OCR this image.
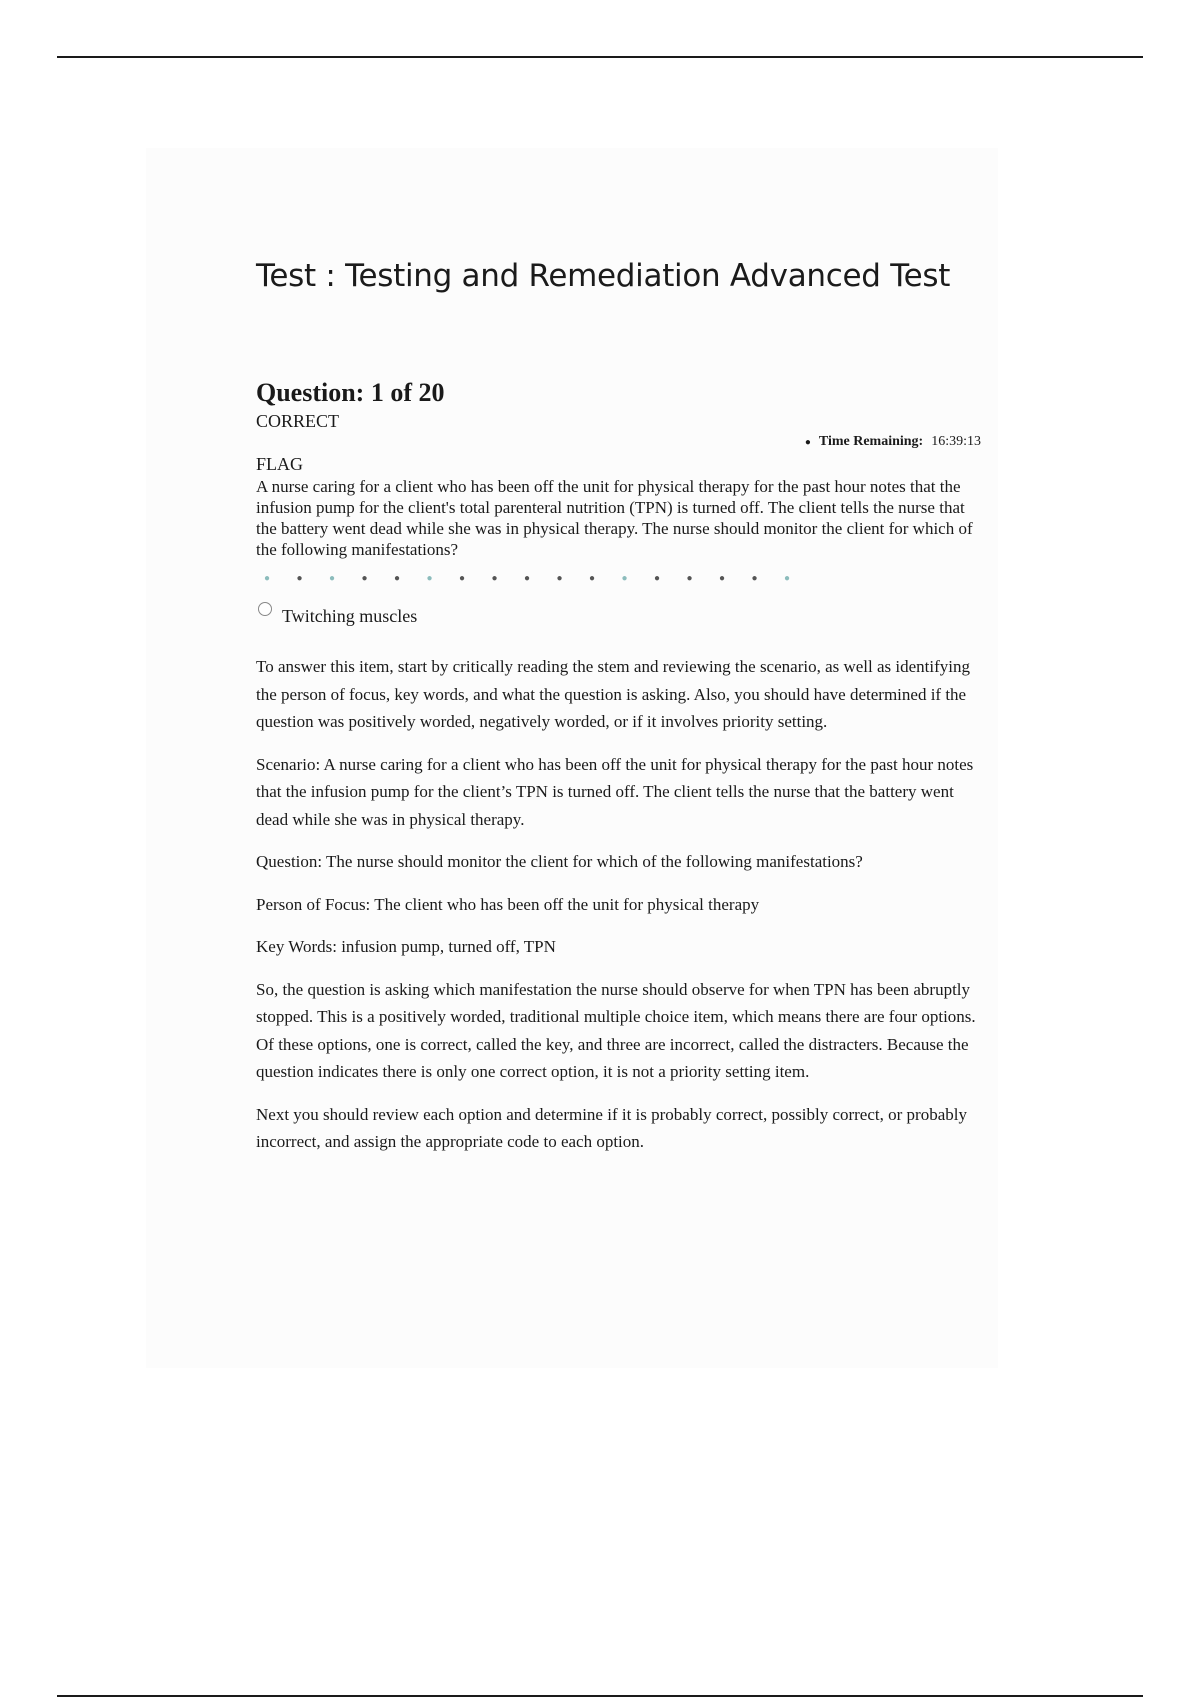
Test : Testing and Remediation Advanced Test
Question: 1 of 20
CORRECT
● Time Remaining: 16:39:13
FLAG

A nurse caring for a client who has been off the unit for physical therapy for the past hour notes that the infusion pump for the client's total parenteral nutrition (TPN) is turned off. The client tells the nurse that the battery went dead while she was in physical therapy. The nurse should monitor the client for which of the following manifestations?

●	●	●	●	●	●	●	●	●	●	●	●	●	●	●	●	●
Twitching muscles

To answer this item, start by critically reading the stem and reviewing the scenario, as well as identifying the person of focus, key words, and what the question is asking. Also, you should have determined if the question was positively worded, negatively worded, or if it involves priority setting.

Scenario: A nurse caring for a client who has been off the unit for physical therapy for the past hour notes that the infusion pump for the client’s TPN is turned off. The client tells the nurse that the battery went dead while she was in physical therapy.

Question: The nurse should monitor the client for which of the following manifestations?

Person of Focus: The client who has been off the unit for physical therapy

Key Words: infusion pump, turned off, TPN

So, the question is asking which manifestation the nurse should observe for when TPN has been abruptly stopped. This is a positively worded, traditional multiple choice item, which means there are four options. Of these options, one is correct, called the key, and three are incorrect, called the distracters. Because the question indicates there is only one correct option, it is not a priority setting item.

Next you should review each option and determine if it is probably correct, possibly correct, or probably incorrect, and assign the appropriate code to each option.
